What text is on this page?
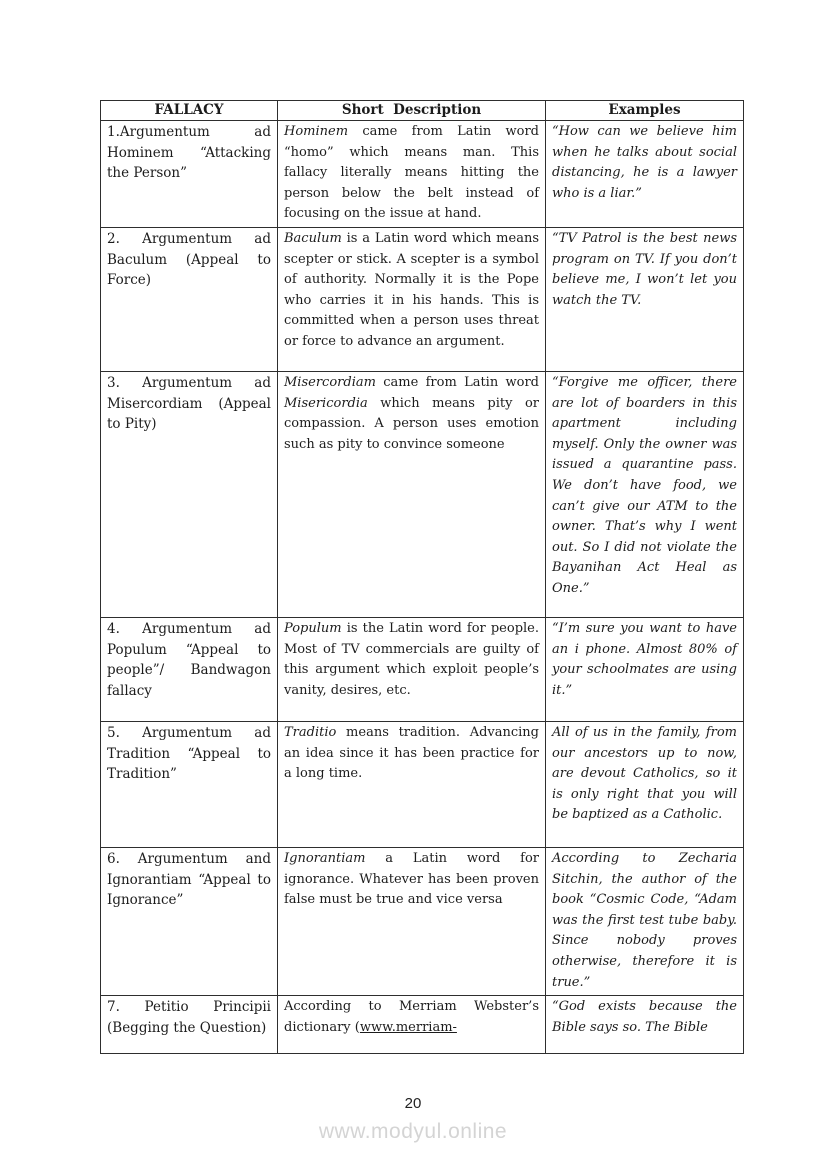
FALLACY	Short  Description	Examples
1.Argumentum ad Hominem “Attacking the Person”	Hominem came from Latin word “homo” which means man. This fallacy literally means hitting the person below the belt instead of focusing on the issue at hand.	“How can we believe him when he talks about social distancing, he is a lawyer who is a liar.”
2. Argumentum ad Baculum (Appeal to Force)	Baculum is a Latin word which means scepter or stick. A scepter is a symbol of authority. Normally it is the Pope who carries it in his hands. This is committed when a person uses threat or force to advance an argument.	“TV Patrol is the best news program on TV. If you don’t believe me, I won’t let you watch the TV.
3. Argumentum ad Misercordiam (Appeal to Pity)	Misercordiam came from Latin word Misericordia which means pity or compassion. A person uses emotion such as pity to convince someone	“Forgive me officer, there are lot of boarders in this apartment including myself. Only the owner was issued a quarantine pass. We don’t have food, we can’t give our ATM to the owner. That’s why I went out. So I did not violate the Bayanihan Act Heal as One.”
4. Argumentum ad Populum “Appeal to people”/ Bandwagon fallacy	Populum is the Latin word for people. Most of TV commercials are guilty of this argument which exploit people’s vanity, desires, etc.	“I’m sure you want to have an i phone. Almost 80% of your schoolmates are using it.”
5. Argumentum ad Tradition “Appeal to Tradition”	Traditio means tradition. Advancing an idea since it has been practice for a long time.	All of us in the family, from our ancestors up to now, are devout Catholics, so it is only right that you will be baptized as a Catholic.
6. Argumentum and Ignorantiam “Appeal to Ignorance”	Ignorantiam a Latin word for ignorance. Whatever has been proven false must be true and vice versa	According to Zecharia Sitchin, the author of the book “Cosmic Code, “Adam was the first test tube baby. Since nobody proves otherwise, therefore it is true.”
7. Petitio Principii (Begging the Question)	According to Merriam Webster’s dictionary (www.merriam-	“God exists because the Bible says so. The Bible
20
www.modyul.online
